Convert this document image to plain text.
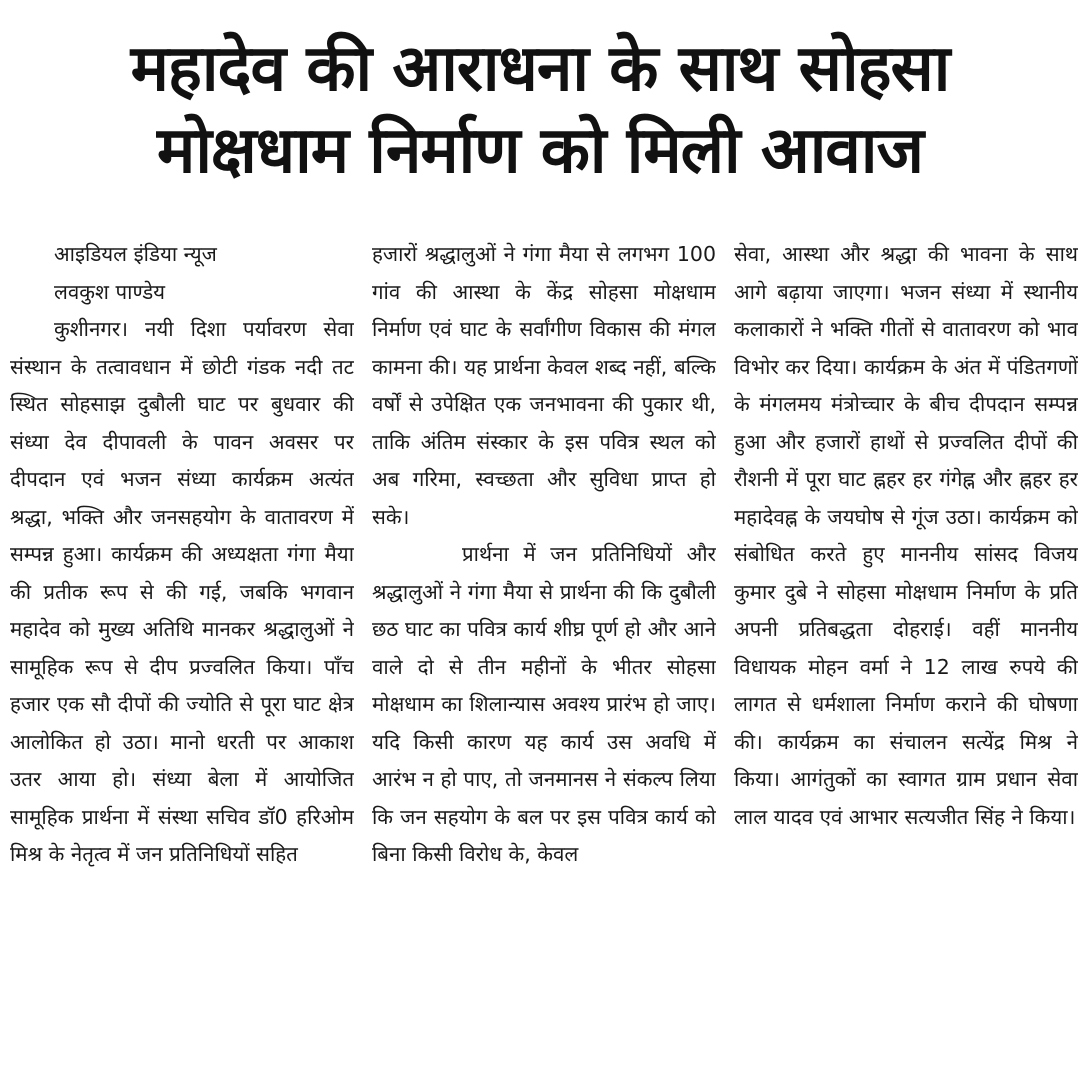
महादेव की आराधना के साथ सोहसा
मोक्षधाम निर्माण को मिली आवाज

आइडियल इंडिया न्यूज

लवकुश पाण्डेय

कुशीनगर। नयी दिशा पर्यावरण सेवा संस्थान के तत्वावधान में छोटी गंडक नदी तट स्थित सोहसाझ दुबौली घाट पर बुधवार की संध्या देव दीपावली के पावन अवसर पर दीपदान एवं भजन संध्या कार्यक्रम अत्यंत श्रद्धा, भक्ति और जनसहयोग के वातावरण में सम्पन्न हुआ। कार्यक्रम की अध्यक्षता गंगा मैया की प्रतीक रूप से की गई, जबकि भगवान महादेव को मुख्य अतिथि मानकर श्रद्धालुओं ने सामूहिक रूप से दीप प्रज्वलित किया। पाँच हजार एक सौ दीपों की ज्योति से पूरा घाट क्षेत्र आलोकित हो उठा। मानो धरती पर आकाश उतर आया हो। संध्या बेला में आयोजित सामूहिक प्रार्थना में संस्था सचिव डॉ0 हरिओम मिश्र के नेतृत्व में जन प्रतिनिधियों सहित

हजारों श्रद्धालुओं ने गंगा मैया से लगभग 100 गांव की आस्था के केंद्र सोहसा मोक्षधाम निर्माण एवं घाट के सर्वांगीण विकास की मंगल कामना की। यह प्रार्थना केवल शब्द नहीं, बल्कि वर्षों से उपेक्षित एक जनभावना की पुकार थी, ताकि अंतिम संस्कार के इस पवित्र स्थल को अब गरिमा, स्वच्छता और सुविधा प्राप्त हो सके।

प्रार्थना में जन प्रतिनिधियों और श्रद्धालुओं ने गंगा मैया से प्रार्थना की कि दुबौली छठ घाट का पवित्र कार्य शीघ्र पूर्ण हो और आने वाले दो से तीन महीनों के भीतर सोहसा मोक्षधाम का शिलान्यास अवश्य प्रारंभ हो जाए। यदि किसी कारण यह कार्य उस अवधि में आरंभ न हो पाए, तो जनमानस ने संकल्प लिया कि जन सहयोग के बल पर इस पवित्र कार्य को बिना किसी विरोध के, केवल

सेवा, आस्था और श्रद्धा की भावना के साथ आगे बढ़ाया जाएगा। भजन संध्या में स्थानीय कलाकारों ने भक्ति गीतों से वातावरण को भाव विभोर कर दिया। कार्यक्रम के अंत में पंडितगणों के मंगलमय मंत्रोच्चार के बीच दीपदान सम्पन्न हुआ और हजारों हाथों से प्रज्वलित दीपों की रौशनी में पूरा घाट ह्नहर हर गंगेह्न और ह्नहर हर महादेवह्न के जयघोष से गूंज उठा। कार्यक्रम को संबोधित करते हुए माननीय सांसद विजय कुमार दुबे ने सोहसा मोक्षधाम निर्माण के प्रति अपनी प्रतिबद्धता दोहराई। वहीं माननीय विधायक मोहन वर्मा ने 12 लाख रुपये की लागत से धर्मशाला निर्माण कराने की घोषणा की। कार्यक्रम का संचालन सत्येंद्र मिश्र ने किया। आगंतुकों का स्वागत ग्राम प्रधान सेवा लाल यादव एवं आभार सत्यजीत सिंह ने किया।
